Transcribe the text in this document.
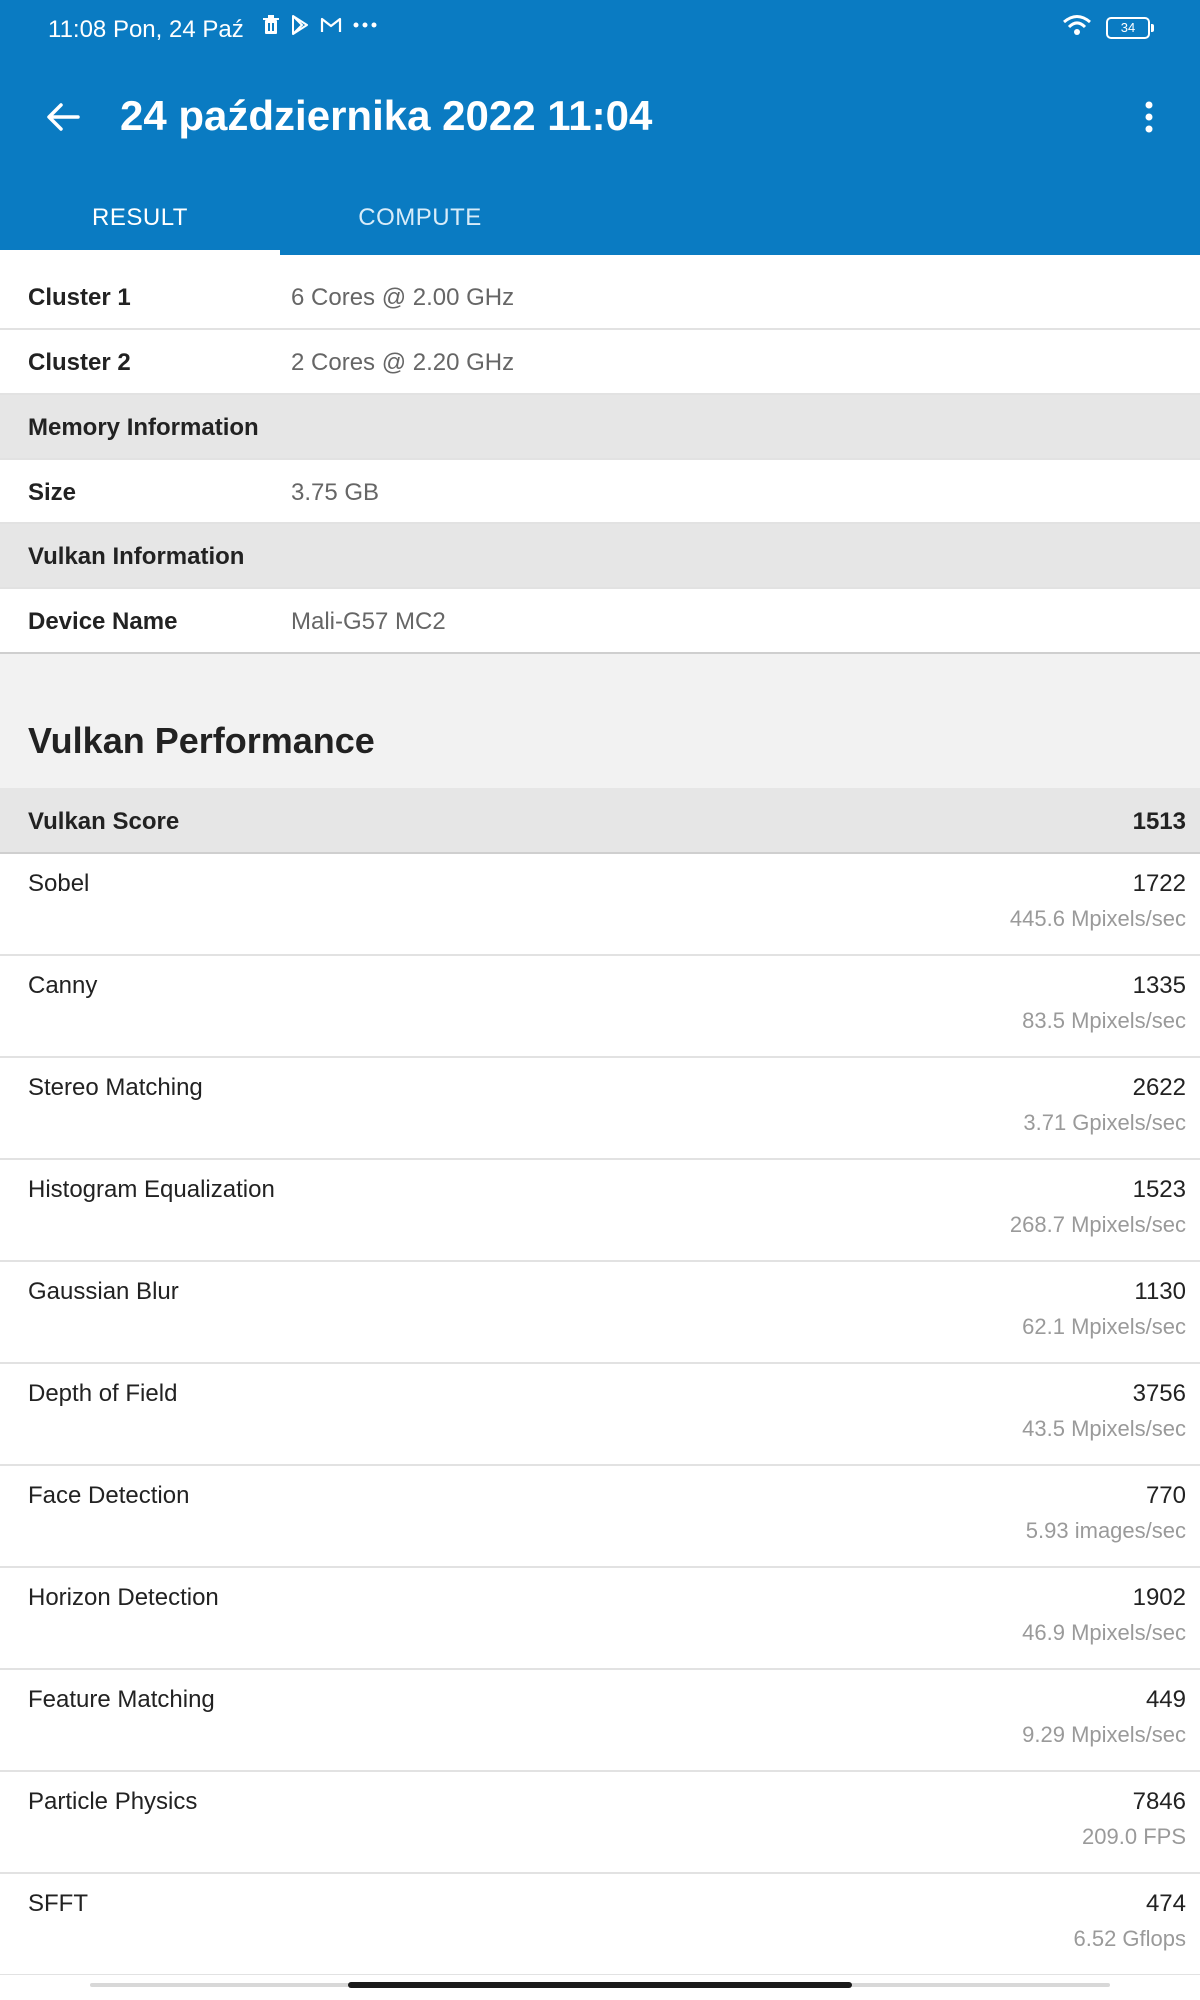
11:08 Pon, 24 Paź	34
24 października 2022 11:04
RESULT	COMPUTE
Cluster 1	6 Cores @ 2.00 GHz
Cluster 2	2 Cores @ 2.20 GHz
Memory Information
Size	3.75 GB
Vulkan Information
Device Name	Mali-G57 MC2
Vulkan Performance
Vulkan Score	1513
Sobel	1722
445.6 Mpixels/sec
Canny	1335
83.5 Mpixels/sec
Stereo Matching	2622
3.71 Gpixels/sec
Histogram Equalization	1523
268.7 Mpixels/sec
Gaussian Blur	1130
62.1 Mpixels/sec
Depth of Field	3756
43.5 Mpixels/sec
Face Detection	770
5.93 images/sec
Horizon Detection	1902
46.9 Mpixels/sec
Feature Matching	449
9.29 Mpixels/sec
Particle Physics	7846
209.0 FPS
SFFT	474
6.52 Gflops
